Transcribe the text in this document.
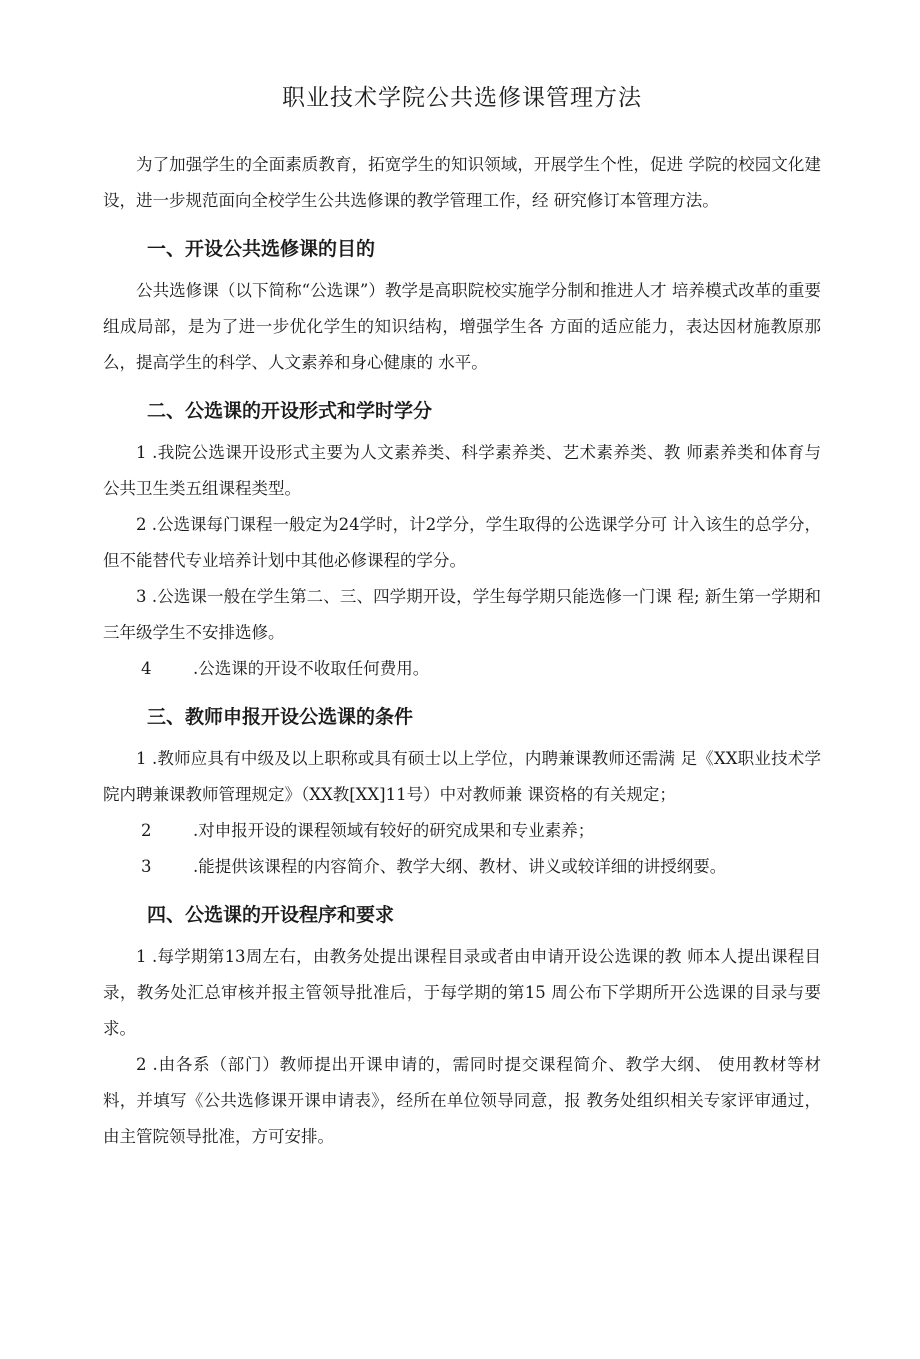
职业技术学院公共选修课管理方法

为了加强学生的全面素质教育，拓宽学生的知识领域，开展学生个性，促进 学院的校园文化建设，进一步规范面向全校学生公共选修课的教学管理工作，经 研究修订本管理方法。

一、开设公共选修课的目的

公共选修课（以下简称“公选课”）教学是高职院校实施学分制和推进人才 培养模式改革的重要组成局部，是为了进一步优化学生的知识结构，增强学生各 方面的适应能力，表达因材施教原那么，提高学生的科学、人文素养和身心健康的 水平。

二、公选课的开设形式和学时学分

1 .我院公选课开设形式主要为人文素养类、科学素养类、艺术素养类、教 师素养类和体育与公共卫生类五组课程类型。

2 .公选课每门课程一般定为24学时，计2学分，学生取得的公选课学分可 计入该生的总学分，但不能替代专业培养计划中其他必修课程的学分。

3 .公选课一般在学生第二、三、四学期开设，学生每学期只能选修一门课 程; 新生第一学期和三年级学生不安排选修。

4	.公选课的开设不收取任何费用。
三、教师申报开设公选课的条件

1 .教师应具有中级及以上职称或具有硕士以上学位，内聘兼课教师还需满 足《XX职业技术学院内聘兼课教师管理规定》（XX教[XX]11号）中对教师兼 课资格的有关规定；

2	.对申报开设的课程领域有较好的研究成果和专业素养；
3	.能提供该课程的内容简介、教学大纲、教材、讲义或较详细的讲授纲要。
四、公选课的开设程序和要求

1 .每学期第13周左右，由教务处提出课程目录或者由申请开设公选课的教 师本人提出课程目录，教务处汇总审核并报主管领导批准后，于每学期的第15 周公布下学期所开公选课的目录与要求。

2 .由各系（部门）教师提出开课申请的，需同时提交课程简介、教学大纲、 使用教材等材料，并填写《公共选修课开课申请表》，经所在单位领导同意，报 教务处组织相关专家评审通过，由主管院领导批准，方可安排。
